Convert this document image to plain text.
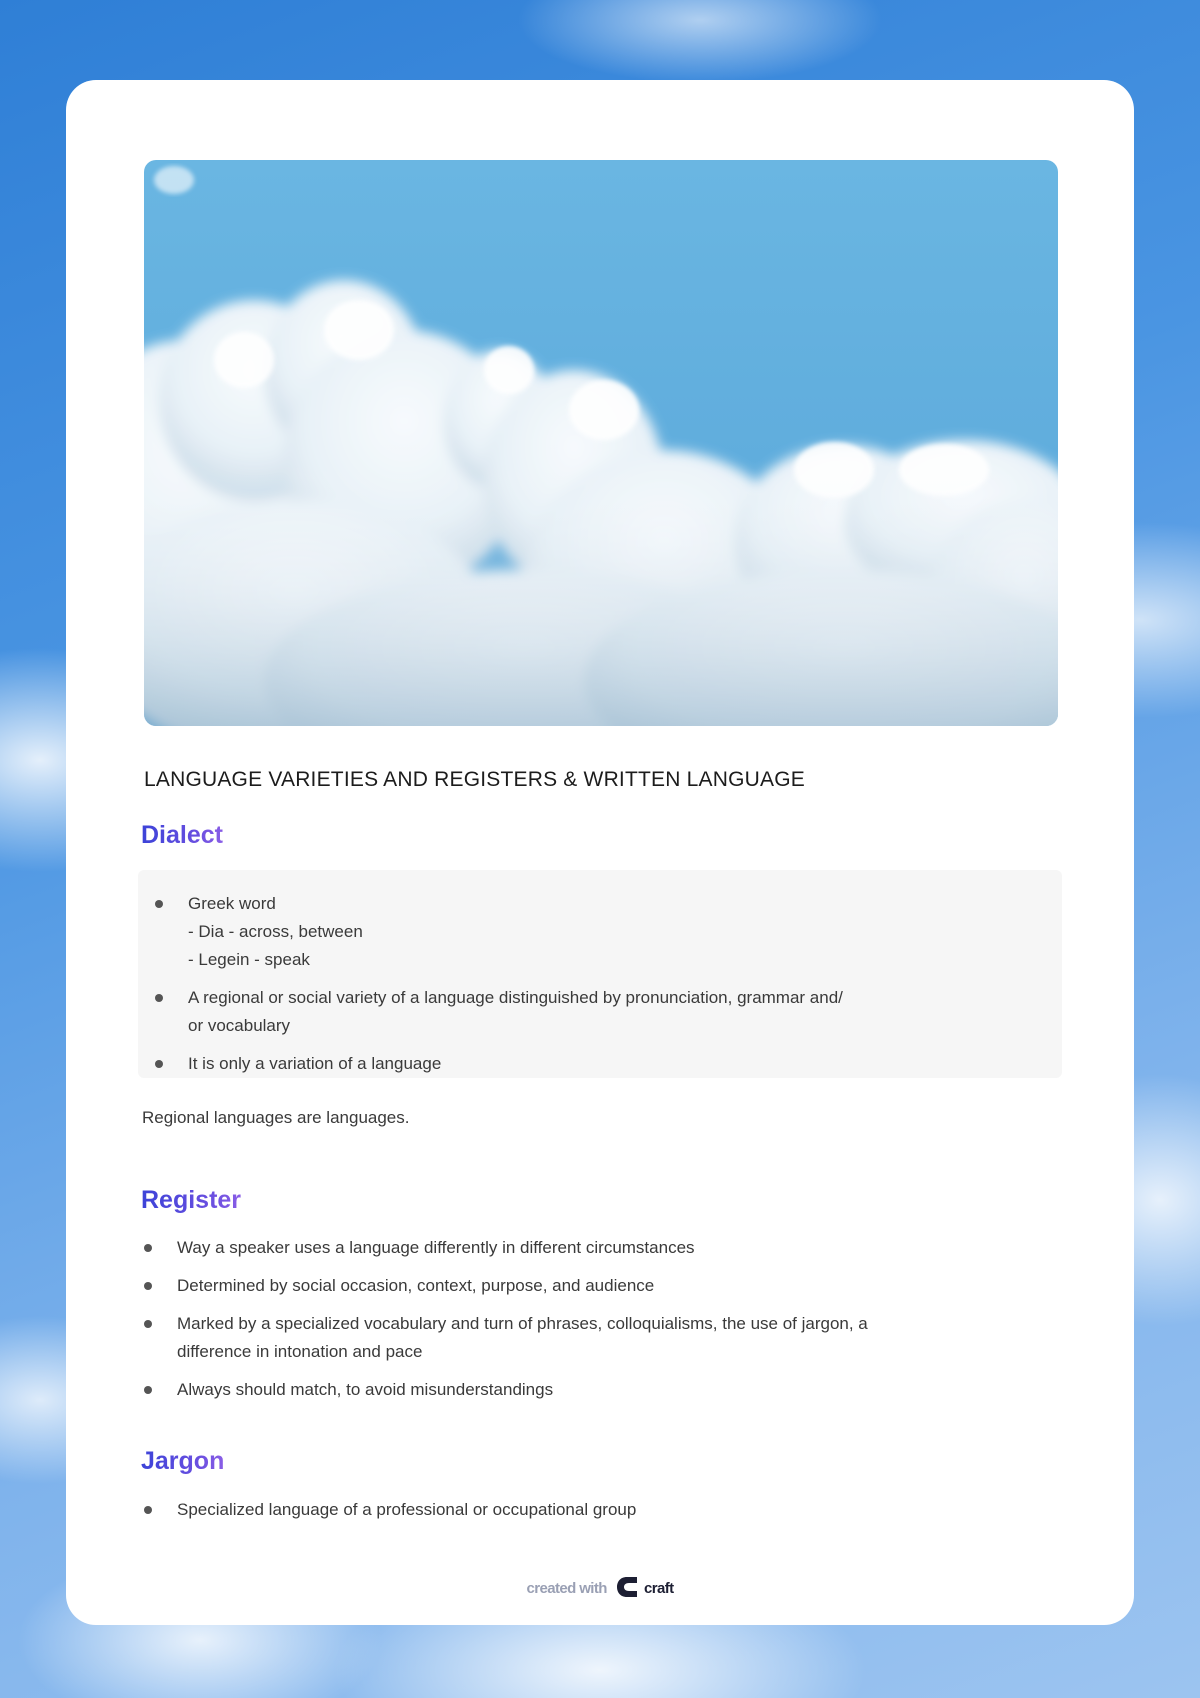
LANGUAGE VARIETIES AND REGISTERS & WRITTEN LANGUAGE
Dialect
Greek word
- Dia - across, between
- Legein - speak
A regional or social variety of a language distinguished by pronunciation, grammar and/
or vocabulary
It is only a variation of a language
Regional languages are languages.
Register
Way a speaker uses a language differently in different circumstances
Determined by social occasion, context, purpose, and audience
Marked by a specialized vocabulary and turn of phrases, colloquialisms, the use of jargon, a
difference in intonation and pace
Always should match, to avoid misunderstandings
Jargon
Specialized language of a professional or occupational group
created with craft
